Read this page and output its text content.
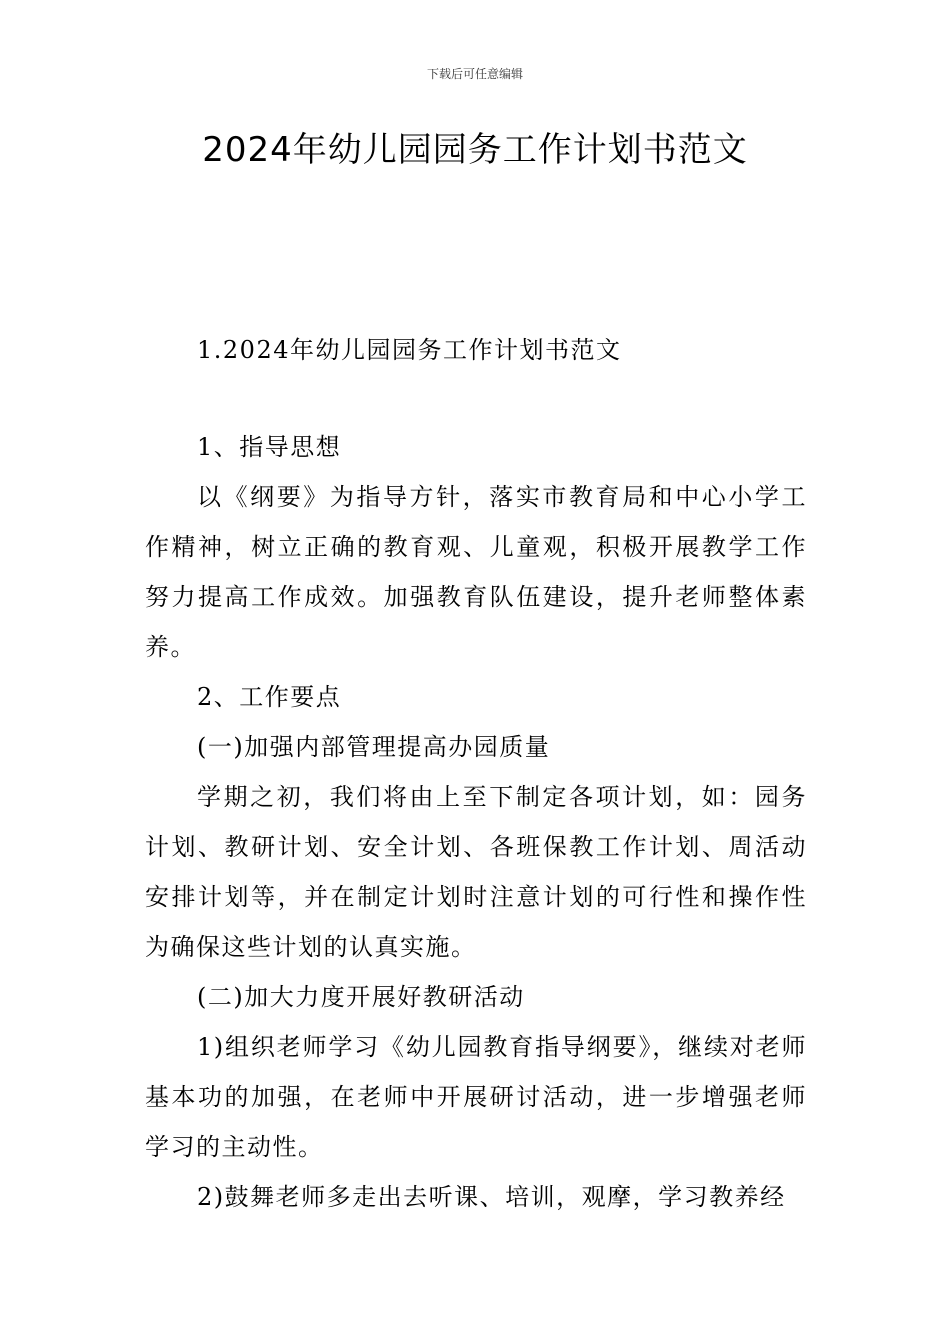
下载后可任意编辑
2024年幼儿园园务工作计划书范文

1.2024年幼儿园园务工作计划书范文

1、指导思想

以《纲要》为指导方针，落实市教育局和中心小学工作精神，树立正确的教育观、儿童观，积极开展教学工作努力提高工作成效。加强教育队伍建设，提升老师整体素养。

2、工作要点

(一)加强内部管理提高办园质量

学期之初，我们将由上至下制定各项计划，如：园务计划、教研计划、安全计划、各班保教工作计划、周活动安排计划等，并在制定计划时注意计划的可行性和操作性为确保这些计划的认真实施。

(二)加大力度开展好教研活动

1)组织老师学习《幼儿园教育指导纲要》，继续对老师基本功的加强，在老师中开展研讨活动，进一步增强老师学习的主动性。

2)鼓舞老师多走出去听课、培训，观摩，学习教养经
